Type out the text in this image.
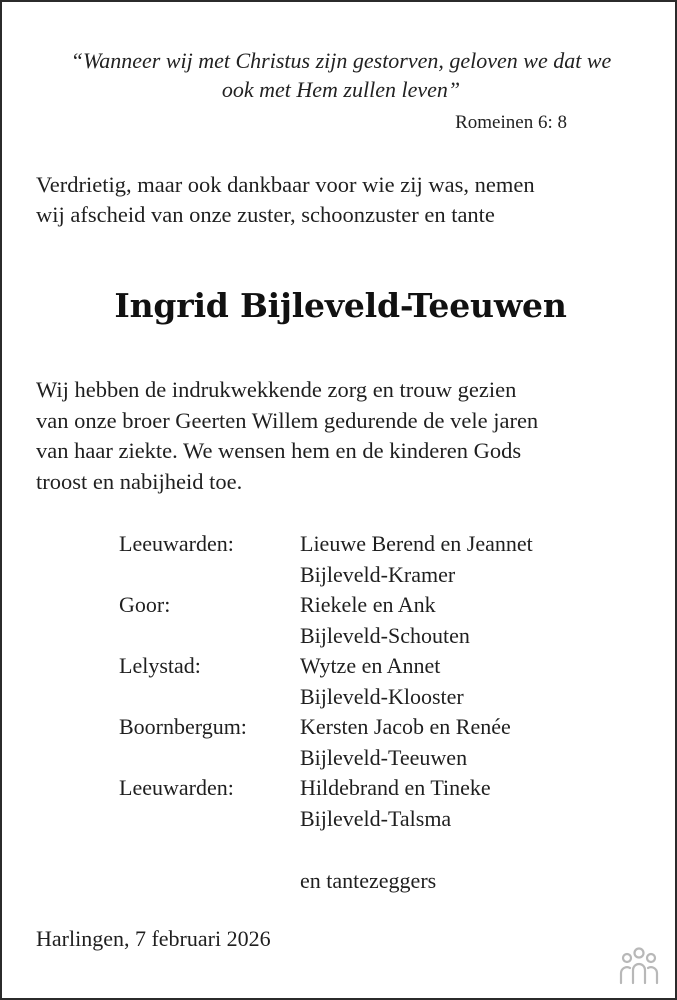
“Wanneer wij met Christus zijn gestorven, geloven we dat we
ook met Hem zullen leven”
Romeinen 6: 8
Verdrietig, maar ook dankbaar voor wie zij was, nemen
wij afscheid van onze zuster, schoonzuster en tante
Ingrid Bijleveld-Teeuwen
Wij hebben de indrukwekkende zorg en trouw gezien
van onze broer Geerten Willem gedurende de vele jaren
van haar ziekte. We wensen hem en de kinderen Gods
troost en nabijheid toe.
Leeuwarden:	Lieuwe Berend en Jeannet
Bijleveld-Kramer
Goor:	Riekele en Ank
Bijleveld-Schouten
Lelystad:	Wytze en Annet
Bijleveld-Klooster
Boornbergum:	Kersten Jacob en Renée
Bijleveld-Teeuwen
Leeuwarden:	Hildebrand en Tineke
Bijleveld-Talsma
en tantezeggers
Harlingen, 7 februari 2026
